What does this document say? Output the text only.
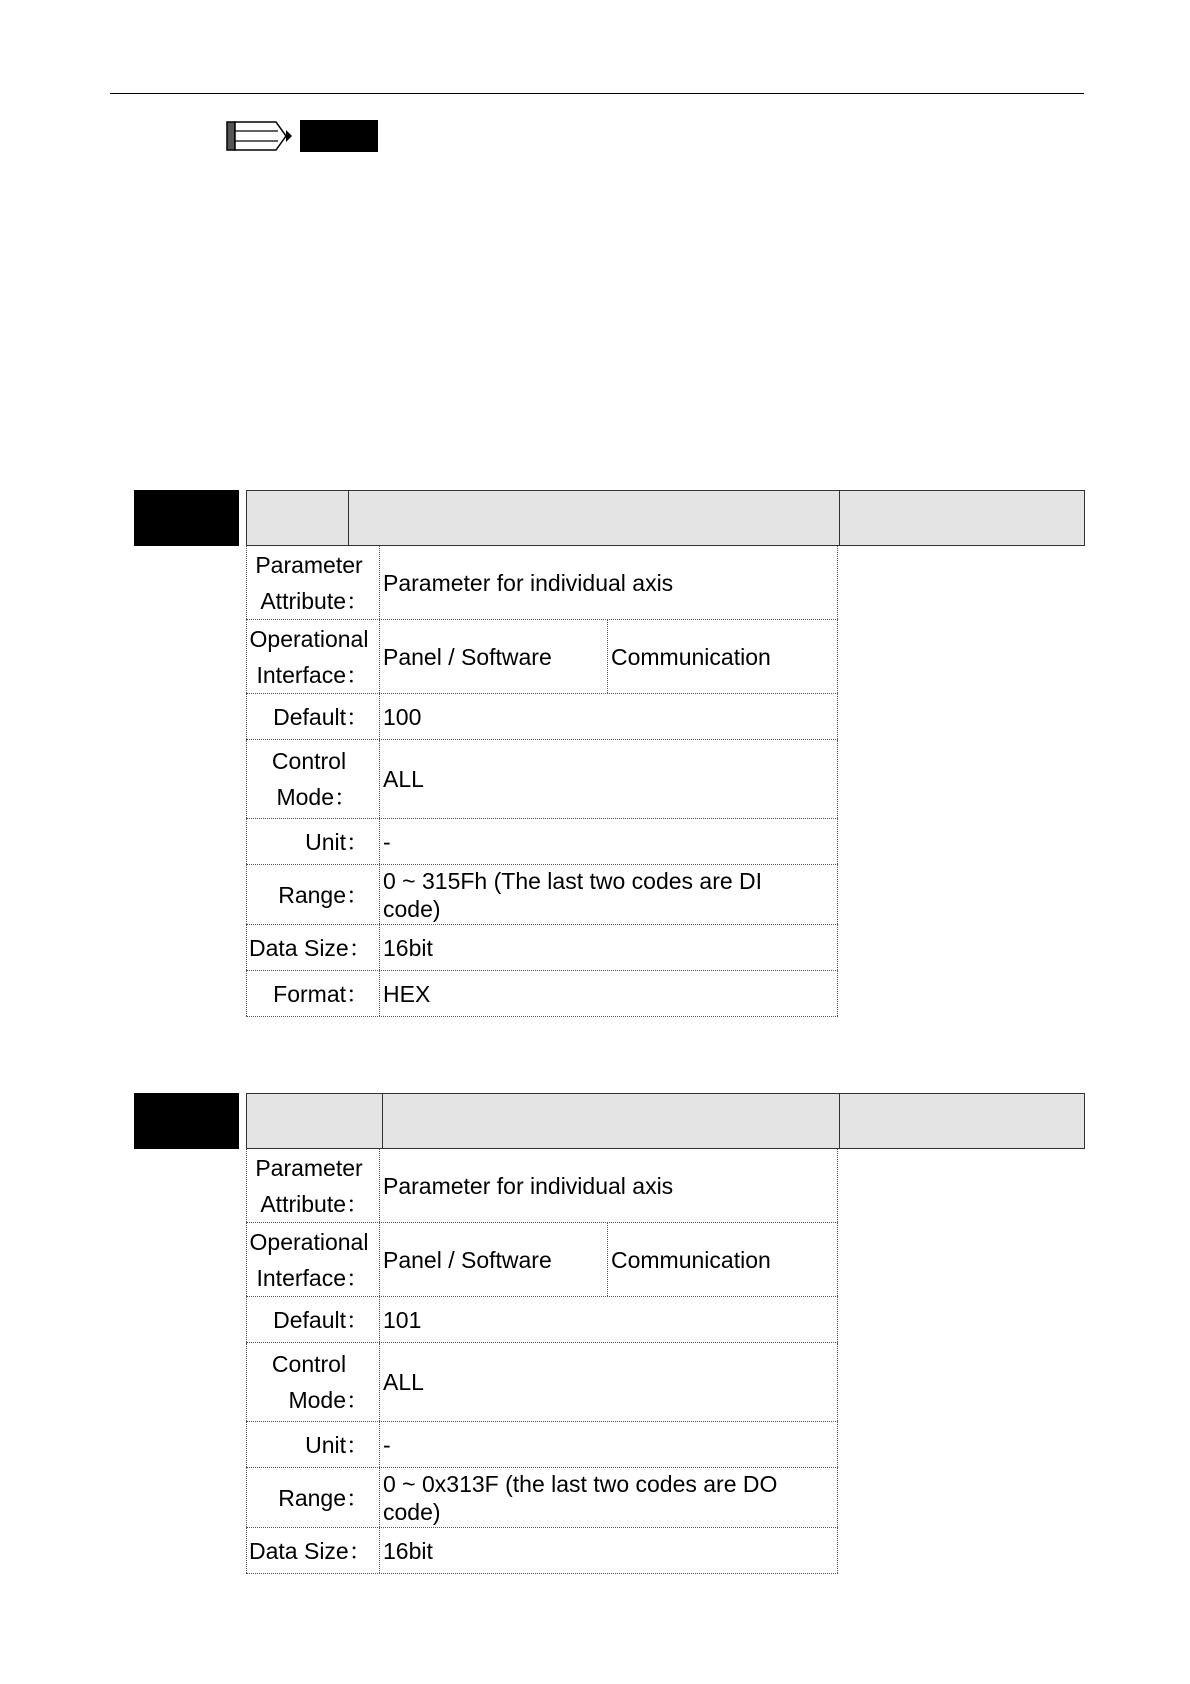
Parameter
Attribute：
Parameter for individual axis
Operational
Interface：
Panel / Software	Communication
Default： 100
Control
Mode：
ALL
Unit： -
Range：
0 ~ 315Fh (The last two codes are DI code)
Data Size： 16bit
Format： HEX
Parameter
Attribute：
Parameter for individual axis
Operational
Interface：
Panel / Software	Communication
Default： 101
Control
Mode：
ALL
Unit： -
Range：
0 ~ 0x313F (the last two codes are DO code)
Data Size： 16bit
